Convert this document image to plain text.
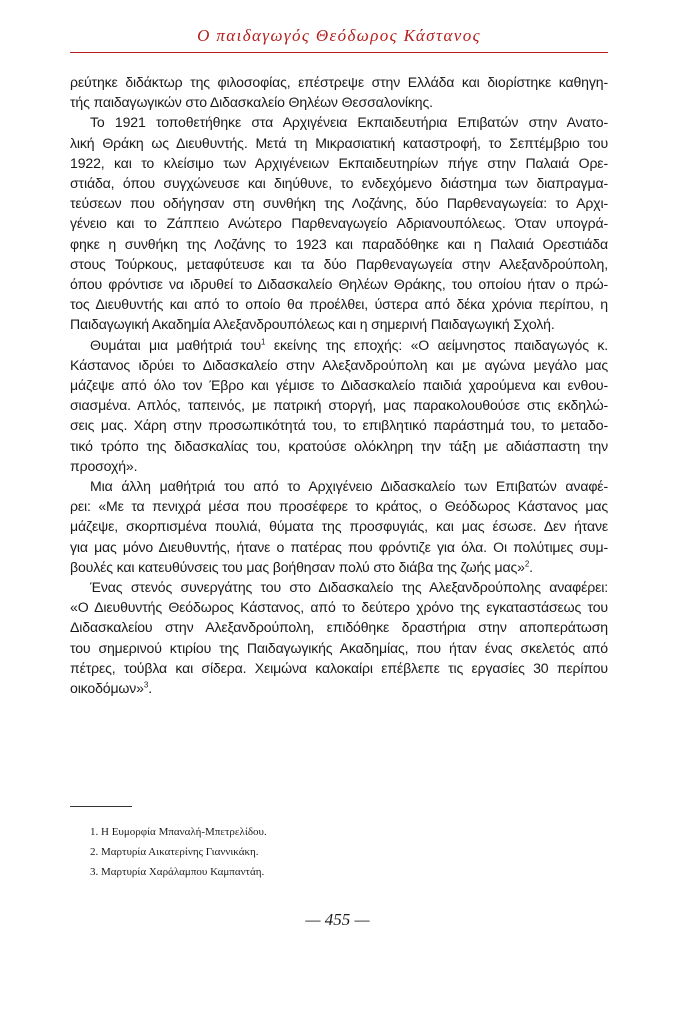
Ο παιδαγωγός Θεόδωρος Κάστανος

ρεύτηκε διδάκτωρ της φιλοσοφίας, επέστρεψε στην Ελλάδα και διορίστηκε καθηγη-
τής παιδαγωγικών στο Διδασκαλείο Θηλέων Θεσσαλονίκης.

Το 1921 τοποθετήθηκε στα Αρχιγένεια Εκπαιδευτήρια Επιβατών στην Ανατο-
λική Θράκη ως Διευθυντής. Μετά τη Μικρασιατική καταστροφή, το Σεπτέμβριο του
1922, και το κλείσιμο των Αρχιγένειων Εκπαιδευτηρίων πήγε στην Παλαιά Ορε-
στιάδα, όπου συγχώνευσε και διηύθυνε, το ενδεχόμενο διάστημα των διαπραγμα-
τεύσεων που οδήγησαν στη συνθήκη της Λοζάνης, δύο Παρθεναγωγεία: το Αρχι-
γένειο και το Ζάππειο Ανώτερο Παρθεναγωγείο Αδριανουπόλεως. Όταν υπογρά-
φηκε η συνθήκη της Λοζάνης το 1923 και παραδόθηκε και η Παλαιά Ορεστιάδα
στους Τούρκους, μεταφύτευσε και τα δύο Παρθεναγωγεία στην Αλεξανδρούπολη,
όπου φρόντισε να ιδρυθεί το Διδασκαλείο Θηλέων Θράκης, του οποίου ήταν ο πρώ-
τος Διευθυντής και από το οποίο θα προέλθει, ύστερα από δέκα χρόνια περίπου, η
Παιδαγωγική Ακαδημία Αλεξανδρουπόλεως και η σημερινή Παιδαγωγική Σχολή.

Θυμάται μια μαθήτριά του$^1$ εκείνης της εποχής: «Ο αείμνηστος παιδαγωγός κ.
Κάστανος ιδρύει το Διδασκαλείο στην Αλεξανδρούπολη και με αγώνα μεγάλο μας
μάζεψε από όλο τον Έβρο και γέμισε το Διδασκαλείο παιδιά χαρούμενα και ενθου-
σιασμένα. Απλός, ταπεινός, με πατρική στοργή, μας παρακολουθούσε στις εκδηλώ-
σεις μας. Χάρη στην προσωπικότητά του, το επιβλητικό παράστημά του, το μεταδο-
τικό τρόπο της διδασκαλίας του, κρατούσε ολόκληρη την τάξη με αδιάσπαστη την
προσοχή».

Μια άλλη μαθήτριά του από το Αρχιγένειο Διδασκαλείο των Επιβατών αναφέ-
ρει: «Με τα πενιχρά μέσα που προσέφερε το κράτος, ο Θεόδωρος Κάστανος μας
μάζεψε, σκορπισμένα πουλιά, θύματα της προσφυγιάς, και μας έσωσε. Δεν ήτανε
για μας μόνο Διευθυντής, ήτανε ο πατέρας που φρόντιζε για όλα. Οι πολύτιμες συμ-
βουλές και κατευθύνσεις του μας βοήθησαν πολύ στο διάβα της ζωής μας»$^2$.

Ένας στενός συνεργάτης του στο Διδασκαλείο της Αλεξανδρούπολης αναφέρει:
«Ο Διευθυντής Θεόδωρος Κάστανος, από το δεύτερο χρόνο της εγκαταστάσεως του
Διδασκαλείου στην Αλεξανδρούπολη, επιδόθηκε δραστήρια στην αποπεράτωση
του σημερινού κτιρίου της Παιδαγωγικής Ακαδημίας, που ήταν ένας σκελετός από
πέτρες, τούβλα και σίδερα. Χειμώνα καλοκαίρι επέβλεπε τις εργασίες 30 περίπου
οικοδόμων»$^3$.

1. Η Ευμορφία Μπαναλή-Μπετρελίδου.
2. Μαρτυρία Αικατερίνης Γιαννικάκη.
3. Μαρτυρία Χαράλαμπου Καμπαντάη.
— 455 —
